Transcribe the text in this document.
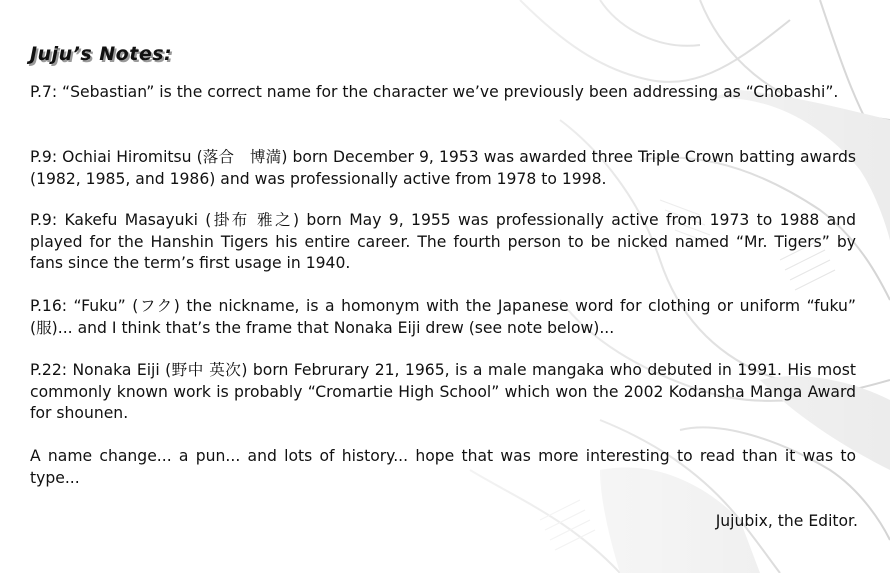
Juju’s Notes:

P.7: “Sebastian” is the correct name for the character we’ve previously been addressing as “Chobashi”.

P.9: Ochiai Hiromitsu (落合　博満) born December 9, 1953 was awarded three Triple Crown batting awards (1982, 1985, and 1986) and was professionally active from 1978 to 1998.

P.9: Kakefu Masayuki (掛布 雅之) born May 9, 1955 was professionally active from 1973 to 1988 and played for the Hanshin Tigers his entire career. The fourth person to be nicked named “Mr. Tigers” by fans since the term’s first usage in 1940.

P.16: “Fuku” (フク) the nickname, is a homonym with the Japanese word for clothing or uniform “fuku” (服)... and I think that’s the frame that Nonaka Eiji drew (see note below)...

P.22: Nonaka Eiji (野中 英次) born Februrary 21, 1965, is a male mangaka who debuted in 1991. His most commonly known work is probably “Cromartie High School” which won the 2002 Kodansha Manga Award for shounen.

A name change... a pun... and lots of history... hope that was more interesting to read than it was to type...

Jujubix, the Editor.
